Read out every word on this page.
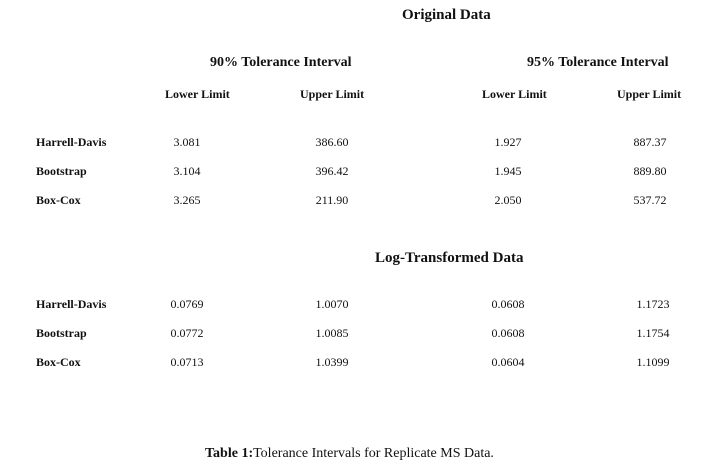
Original Data
90% Tolerance Interval	95% Tolerance Interval
Lower Limit	Upper Limit	Lower Limit	Upper Limit
Harrell-Davis	3.081	386.60	1.927	887.37
Bootstrap	3.104	396.42	1.945	889.80
Box-Cox	3.265	211.90	2.050	537.72
Log-Transformed Data
Harrell-Davis	0.0769	1.0070	0.0608	1.1723
Bootstrap	0.0772	1.0085	0.0608	1.1754
Box-Cox	0.0713	1.0399	0.0604	1.1099
Table 1:Tolerance Intervals for Replicate MS Data.
